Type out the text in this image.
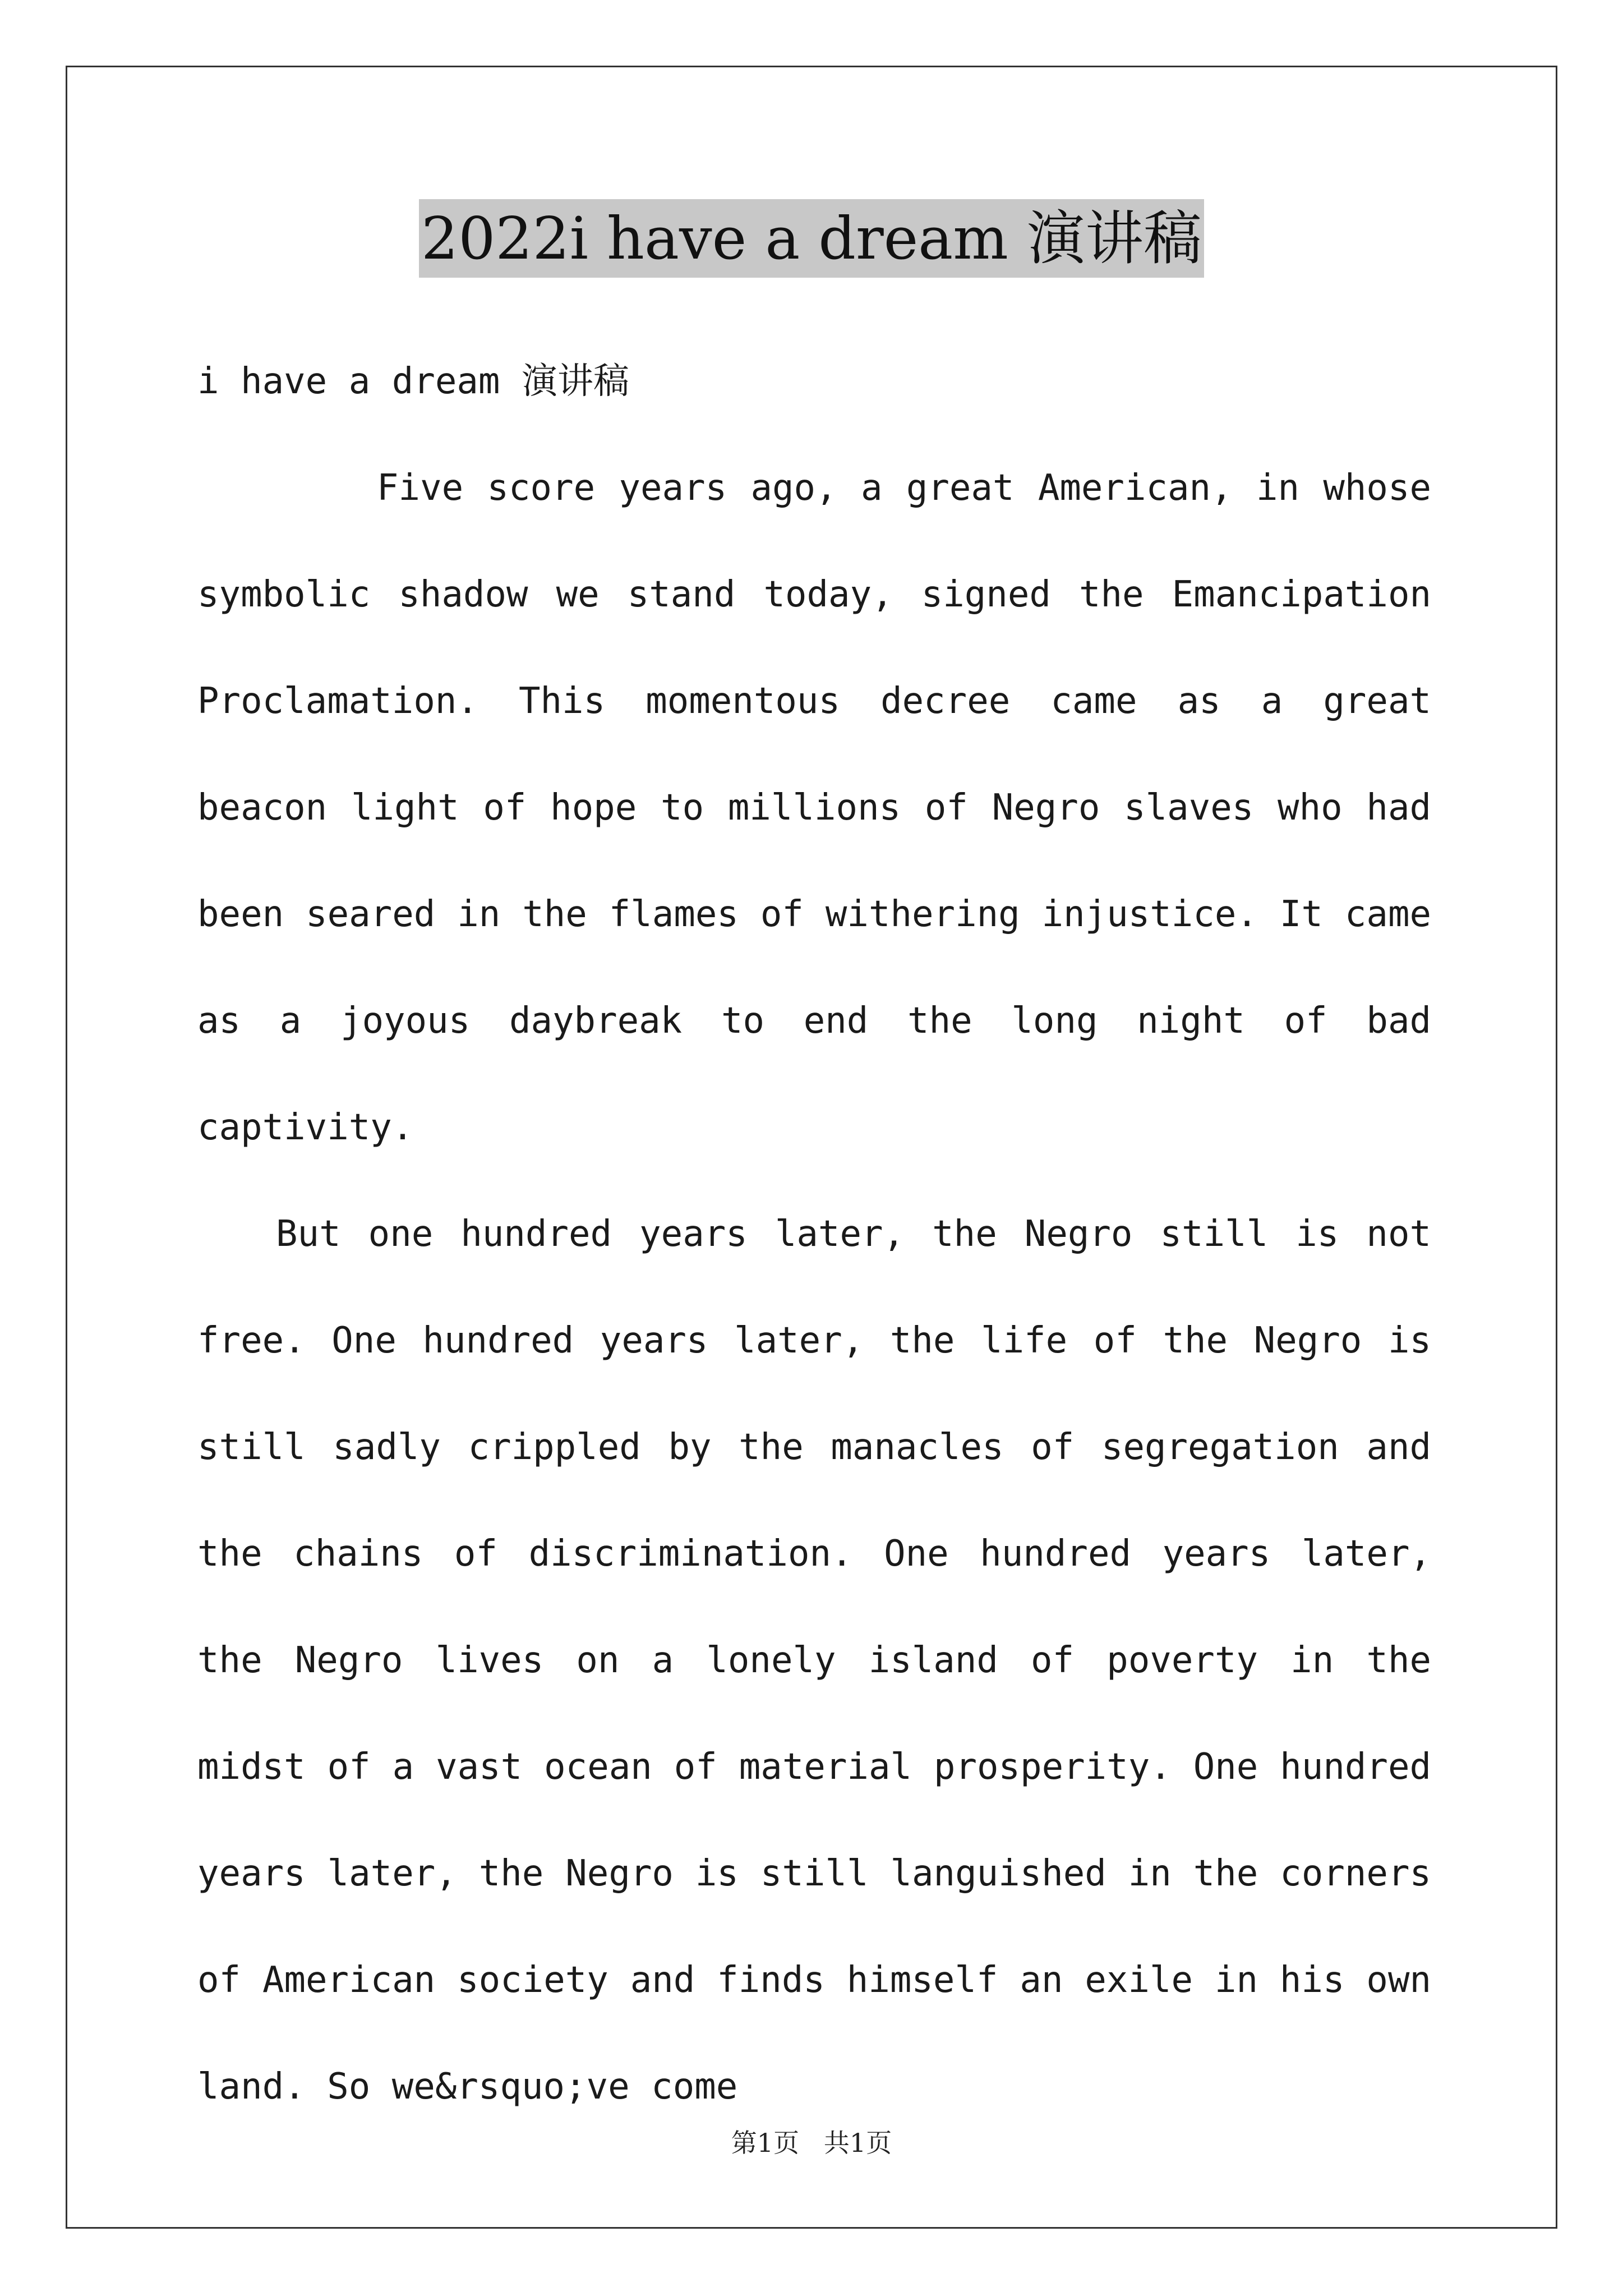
2022i have a dream 演讲稿
i have a dream 演讲稿

Five score years ago, a great American, in whose symbolic shadow we stand today, signed the Emancipation Proclamation. This momentous decree came as a great beacon light of hope to millions of Negro slaves who had been seared in the flames of withering injustice. It came as a joyous daybreak to end the long night of bad captivity.

But one hundred years later, the Negro still is not free. One hundred years later, the life of the Negro is still sadly crippled by the manacles of segregation and the chains of discrimination. One hundred years later, the Negro lives on a lonely island of poverty in the midst of a vast ocean of material prosperity. One hundred years later, the Negro is still languished in the corners of American society and finds himself an exile in his own land. So we&rsquo;ve come

第1页   共1页
